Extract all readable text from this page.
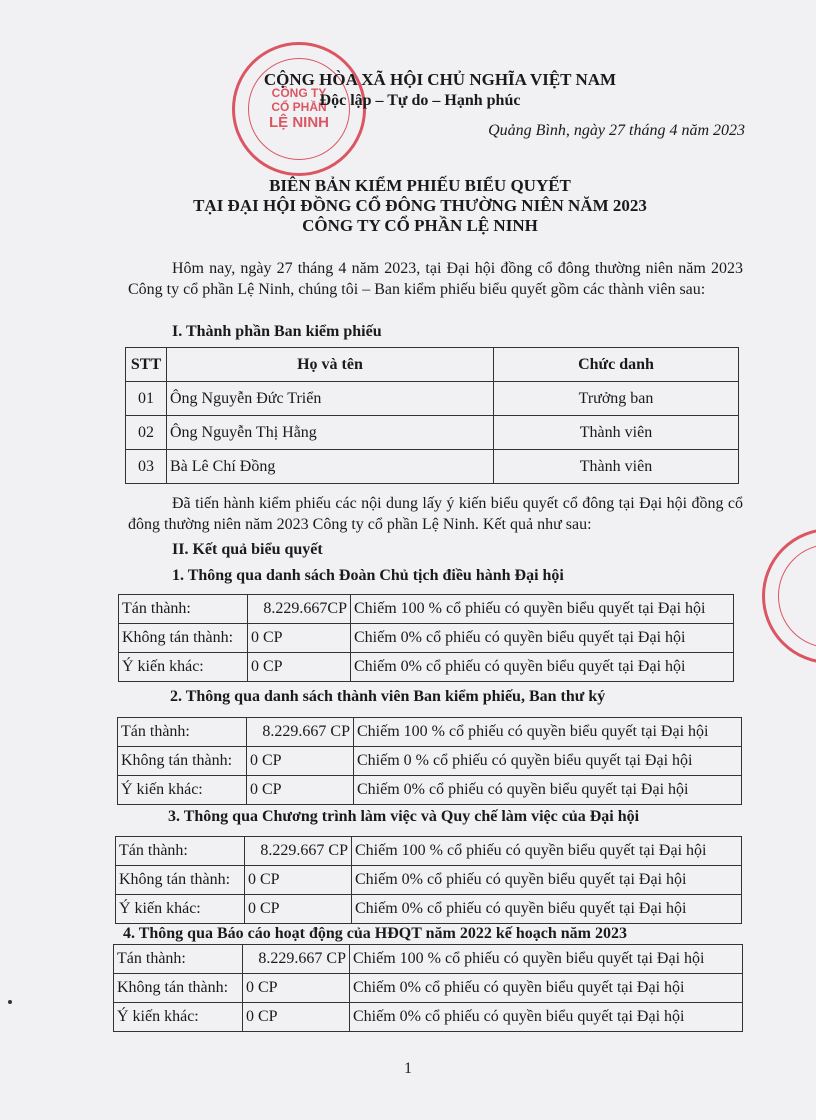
CÔNG TY
CỔ PHẦN
LỆ NINH

CỘNG HÒA XÃ HỘI CHỦ NGHĨA VIỆT NAM
Độc lập – Tự do – Hạnh phúc
Quảng Bình, ngày 27 tháng 4 năm 2023
BIÊN BẢN KIỂM PHIẾU BIỂU QUYẾT
TẠI ĐẠI HỘI ĐỒNG CỔ ĐÔNG THƯỜNG NIÊN NĂM 2023
CÔNG TY CỔ PHẦN LỆ NINH
Hôm nay, ngày 27 tháng 4 năm 2023, tại Đại hội đồng cổ đông thường niên năm 2023 Công ty cổ phần Lệ Ninh, chúng tôi – Ban kiểm phiếu biểu quyết gồm các thành viên sau:
I. Thành phần Ban kiểm phiếu
STT	Họ và tên	Chức danh
01	Ông Nguyễn Đức Triển	Trưởng ban
02	Ông Nguyễn Thị Hằng	Thành viên
03	Bà Lê Chí Đồng	Thành viên
Đã tiến hành kiểm phiếu các nội dung lấy ý kiến biểu quyết cổ đông tại Đại hội đồng cổ đông thường niên năm 2023 Công ty cổ phần Lệ Ninh. Kết quả như sau:
II. Kết quả biểu quyết
1. Thông qua danh sách Đoàn Chủ tịch điều hành Đại hội
Tán thành:	8.229.667CP	Chiếm 100 % cổ phiếu có quyền biểu quyết tại Đại hội
Không tán thành:	0 CP	Chiếm 0% cổ phiếu có quyền biểu quyết tại Đại hội
Ý kiến khác:	0 CP	Chiếm 0% cổ phiếu có quyền biểu quyết tại Đại hội
2. Thông qua danh sách thành viên Ban kiểm phiếu, Ban thư ký
Tán thành:	8.229.667 CP	Chiếm 100 % cổ phiếu có quyền biểu quyết tại Đại hội
Không tán thành:	0 CP	Chiếm 0 % cổ phiếu có quyền biểu quyết tại Đại hội
Ý kiến khác:	0 CP	Chiếm 0% cổ phiếu có quyền biểu quyết tại Đại hội
3. Thông qua Chương trình làm việc và Quy chế làm việc của Đại hội
Tán thành:	8.229.667 CP	Chiếm 100 % cổ phiếu có quyền biểu quyết tại Đại hội
Không tán thành:	0 CP	Chiếm 0% cổ phiếu có quyền biểu quyết tại Đại hội
Ý kiến khác:	0 CP	Chiếm 0% cổ phiếu có quyền biểu quyết tại Đại hội
4. Thông qua Báo cáo hoạt động của HĐQT năm 2022 kế hoạch năm 2023
Tán thành:	8.229.667 CP	Chiếm 100 % cổ phiếu có quyền biểu quyết tại Đại hội
Không tán thành:	0 CP	Chiếm 0% cổ phiếu có quyền biểu quyết tại Đại hội
Ý kiến khác:	0 CP	Chiếm 0% cổ phiếu có quyền biểu quyết tại Đại hội
1
